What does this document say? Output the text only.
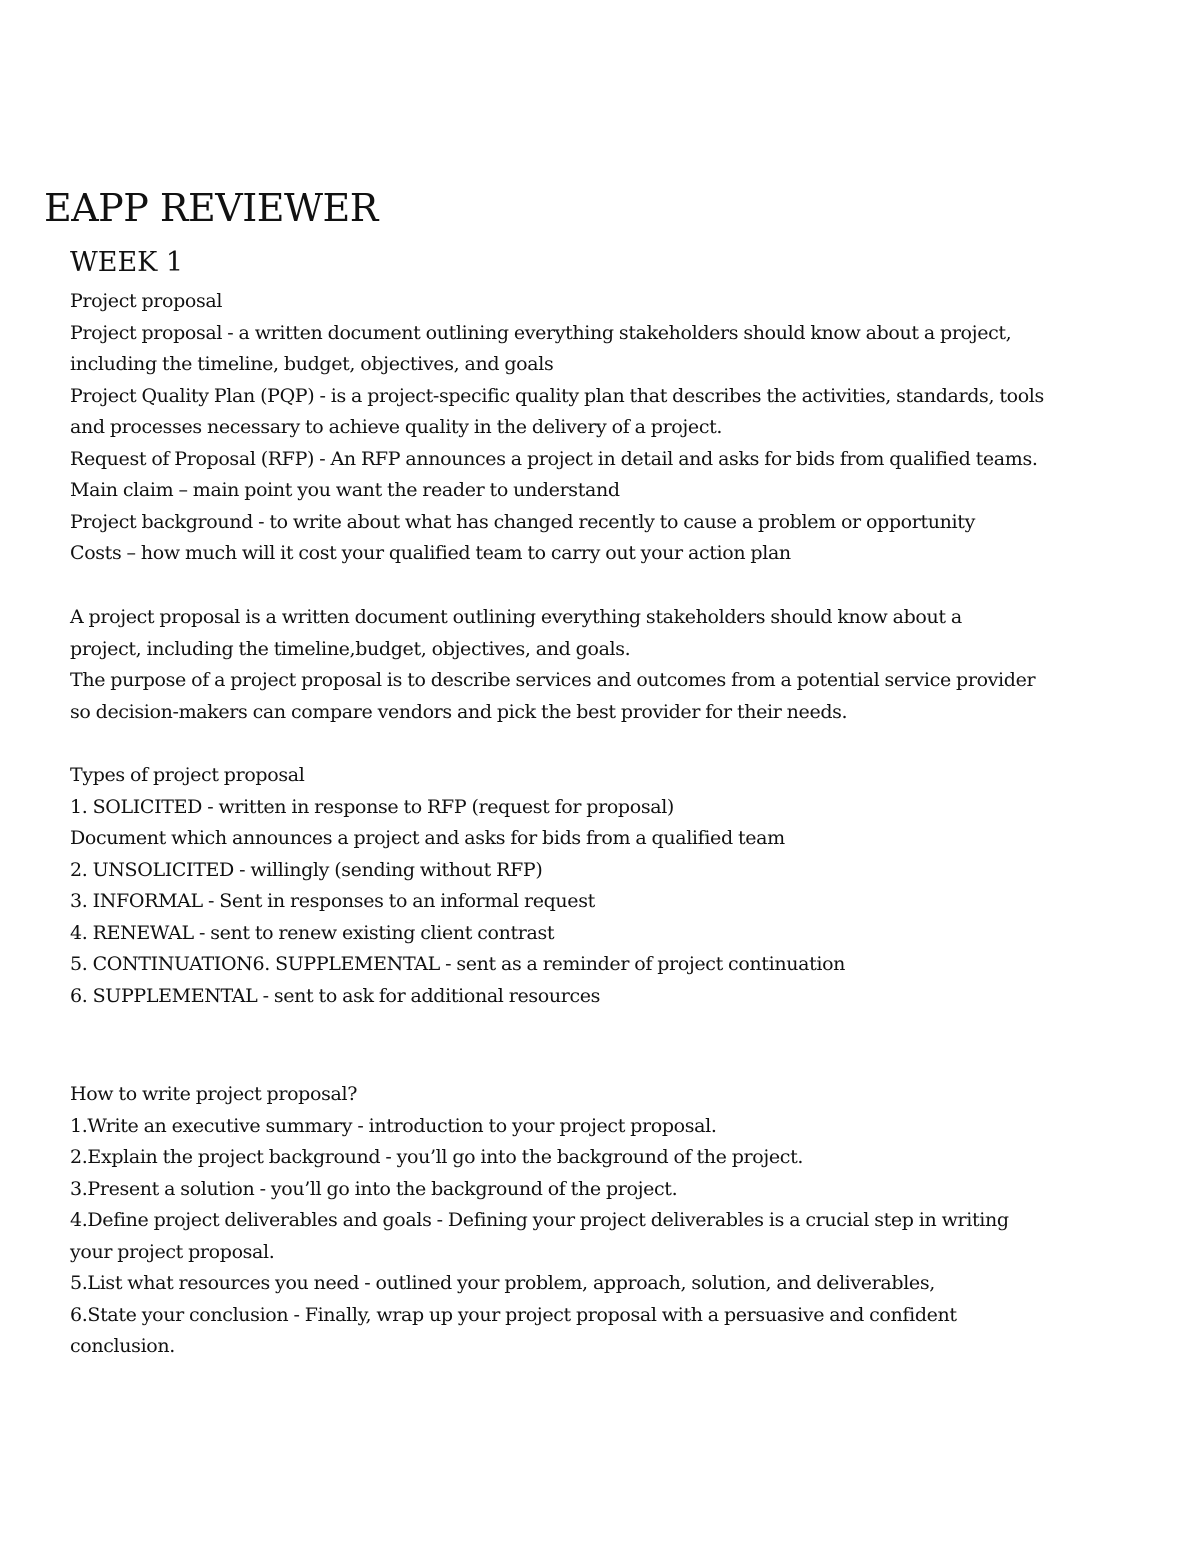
EAPP REVIEWER
WEEK 1
Project proposal
Project proposal - a written document outlining everything stakeholders should know about a project,
including the timeline, budget, objectives, and goals
Project Quality Plan (PQP) - is a project-specific quality plan that describes the activities, standards, tools
and processes necessary to achieve quality in the delivery of a project.
Request of Proposal (RFP) - An RFP announces a project in detail and asks for bids from qualified teams.
Main claim – main point you want the reader to understand
Project background - to write about what has changed recently to cause a problem or opportunity
Costs – how much will it cost your qualified team to carry out your action plan
A project proposal is a written document outlining everything stakeholders should know about a
project, including the timeline,budget, objectives, and goals.
The purpose of a project proposal is to describe services and outcomes from a potential service provider
so decision-makers can compare vendors and pick the best provider for their needs.
Types of project proposal
1. SOLICITED - written in response to RFP (request for proposal)
Document which announces a project and asks for bids from a qualified team
2. UNSOLICITED - willingly (sending without RFP)
3. INFORMAL - Sent in responses to an informal request
4. RENEWAL - sent to renew existing client contrast
5. CONTINUATION6. SUPPLEMENTAL - sent as a reminder of project continuation
6. SUPPLEMENTAL - sent to ask for additional resources
How to write project proposal?
1.Write an executive summary - introduction to your project proposal.
2.Explain the project background - you’ll go into the background of the project.
3.Present a solution - you’ll go into the background of the project.
4.Define project deliverables and goals - Defining your project deliverables is a crucial step in writing
your project proposal.
5.List what resources you need - outlined your problem, approach, solution, and deliverables,
6.State your conclusion - Finally, wrap up your project proposal with a persuasive and confident
conclusion.
